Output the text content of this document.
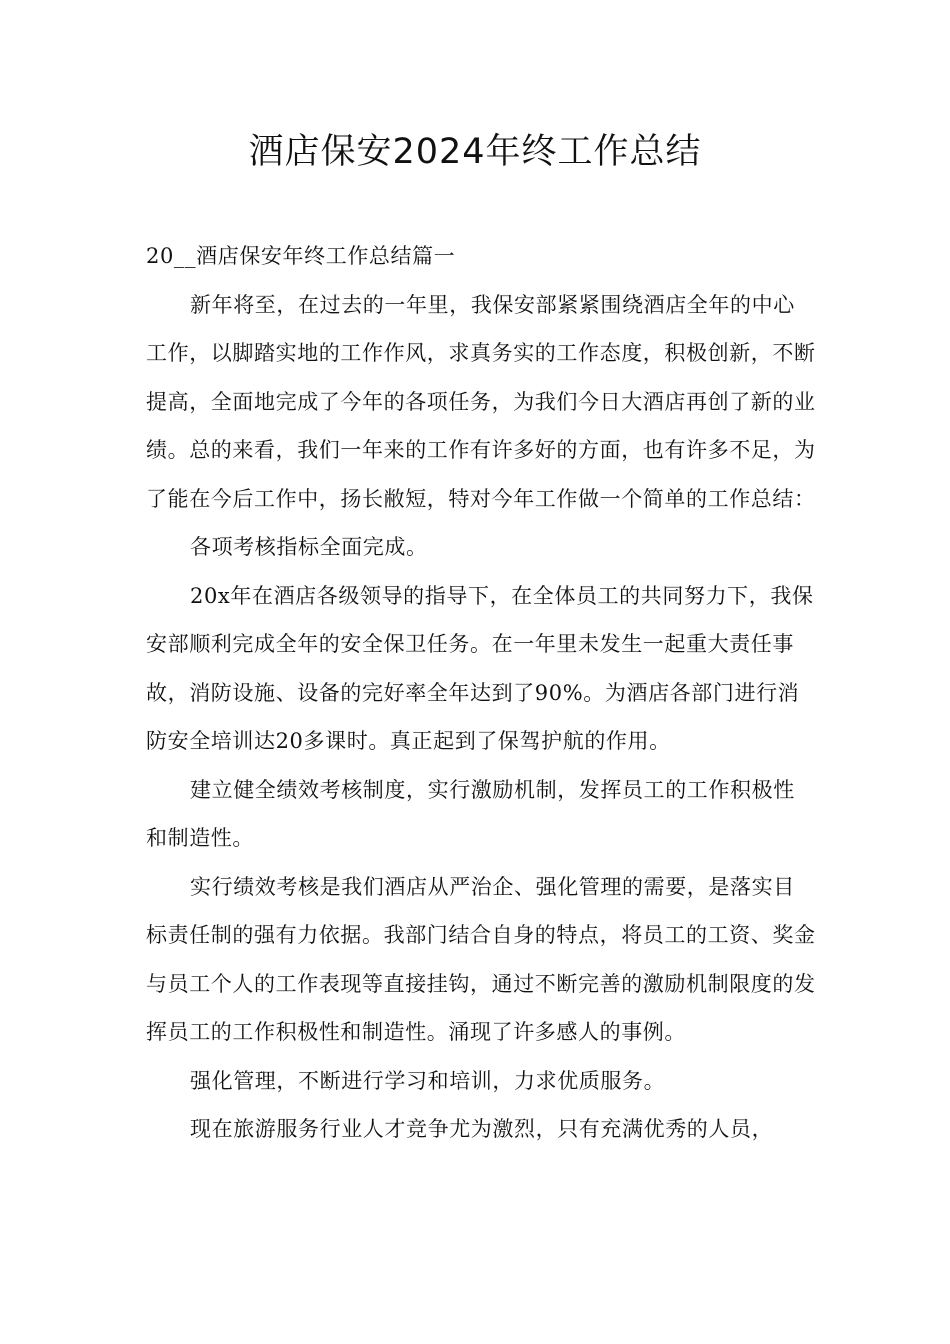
酒店保安2024年终工作总结

20__酒店保安年终工作总结篇一

新年将至，在过去的一年里，我保安部紧紧围绕酒店全年的中心工作，以脚踏实地的工作作风，求真务实的工作态度，积极创新，不断提高，全面地完成了今年的各项任务，为我们今日大酒店再创了新的业绩。总的来看，我们一年来的工作有许多好的方面，也有许多不足，为了能在今后工作中，扬长敝短，特对今年工作做一个简单的工作总结：

各项考核指标全面完成。

20x年在酒店各级领导的指导下，在全体员工的共同努力下，我保安部顺利完成全年的安全保卫任务。在一年里未发生一起重大责任事故，消防设施、设备的完好率全年达到了90%。为酒店各部门进行消防安全培训达20多课时。真正起到了保驾护航的作用。

建立健全绩效考核制度，实行激励机制，发挥员工的工作积极性和制造性。

实行绩效考核是我们酒店从严治企、强化管理的需要，是落实目标责任制的强有力依据。我部门结合自身的特点，将员工的工资、奖金与员工个人的工作表现等直接挂钩，通过不断完善的激励机制限度的发挥员工的工作积极性和制造性。涌现了许多感人的事例。

强化管理，不断进行学习和培训，力求优质服务。

现在旅游服务行业人才竞争尤为激烈，只有充满优秀的人员，
